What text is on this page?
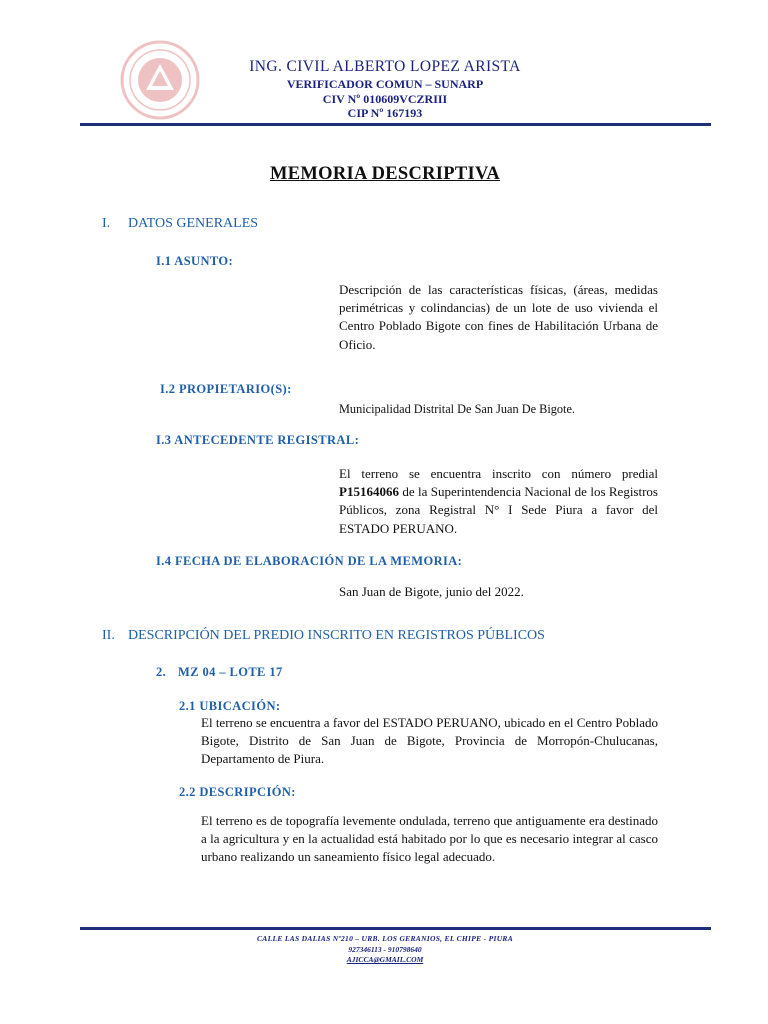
ING. CIVIL ALBERTO LOPEZ ARISTA
VERIFICADOR COMUN – SUNARP
CIV Nº 010609VCZRIII
CIP Nº 167193
MEMORIA DESCRIPTIVA
I. DATOS GENERALES
I.1 ASUNTO:
Descripción de las características físicas, (áreas, medidas perimétricas y colindancias) de un lote de uso vivienda el Centro Poblado Bigote con fines de Habilitación Urbana de Oficio.
I.2 PROPIETARIO(S):
Municipalidad Distrital De San Juan De Bigote.
I.3 ANTECEDENTE REGISTRAL:
El terreno se encuentra inscrito con número predial P15164066 de la Superintendencia Nacional de los Registros Públicos, zona Registral N° I Sede Piura a favor del ESTADO PERUANO.
I.4 FECHA DE ELABORACIÓN DE LA MEMORIA:
San Juan de Bigote, junio del 2022.
II. DESCRIPCIÓN DEL PREDIO INSCRITO EN REGISTROS PÚBLICOS
2. MZ 04 – LOTE 17
2.1 UBICACIÓN:
El terreno se encuentra a favor del ESTADO PERUANO, ubicado en el Centro Poblado Bigote, Distrito de San Juan de Bigote, Provincia de Morropón-Chulucanas, Departamento de Piura.
2.2 DESCRIPCIÓN:
El terreno es de topografía levemente ondulada, terreno que antiguamente era destinado a la agricultura y en la actualidad está habitado por lo que es necesario integrar al casco urbano realizando un saneamiento físico legal adecuado.
CALLE LAS DALIAS Nº210 – URB. LOS GERANIOS, EL CHIPE - PIURA
927346113 - 910798640
AJICCA@GMAIL.COM
